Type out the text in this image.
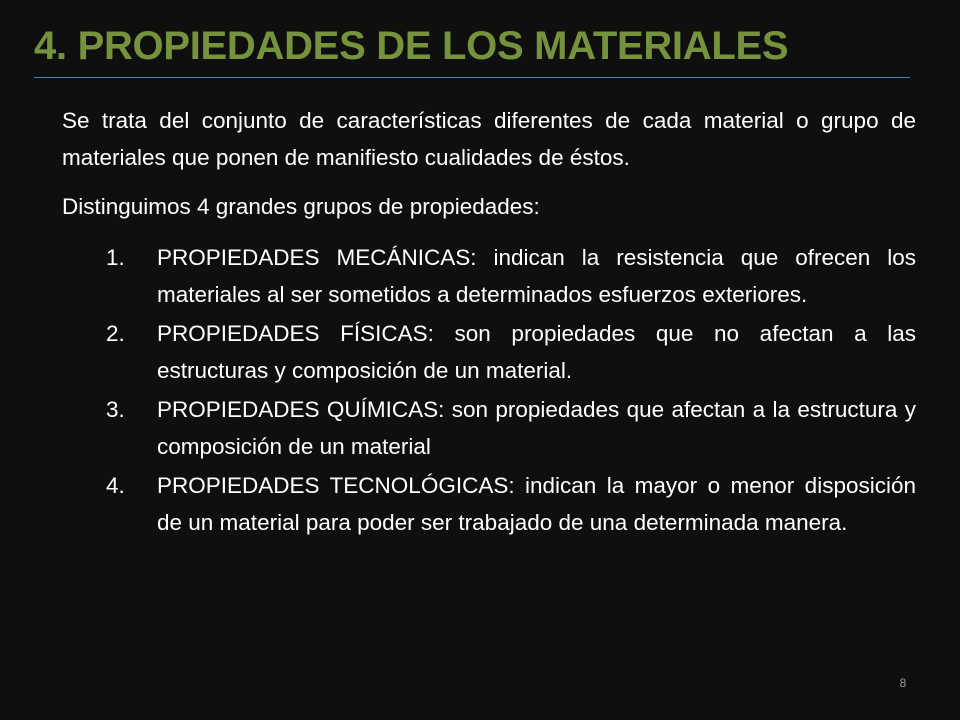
4. PROPIEDADES DE LOS MATERIALES

Se trata del conjunto de características diferentes de cada material o grupo de materiales que ponen de manifiesto cualidades de éstos.

Distinguimos 4 grandes grupos de propiedades:

1. PROPIEDADES MECÁNICAS: indican la resistencia que ofrecen los materiales al ser sometidos a determinados esfuerzos exteriores.
2. PROPIEDADES FÍSICAS: son propiedades que no afectan a las estructuras y composición de un material.
3. PROPIEDADES QUÍMICAS: son propiedades que afectan a la estructura y composición de un material
4. PROPIEDADES TECNOLÓGICAS: indican la mayor o menor disposición de un material para poder ser trabajado de una determinada manera.
8
